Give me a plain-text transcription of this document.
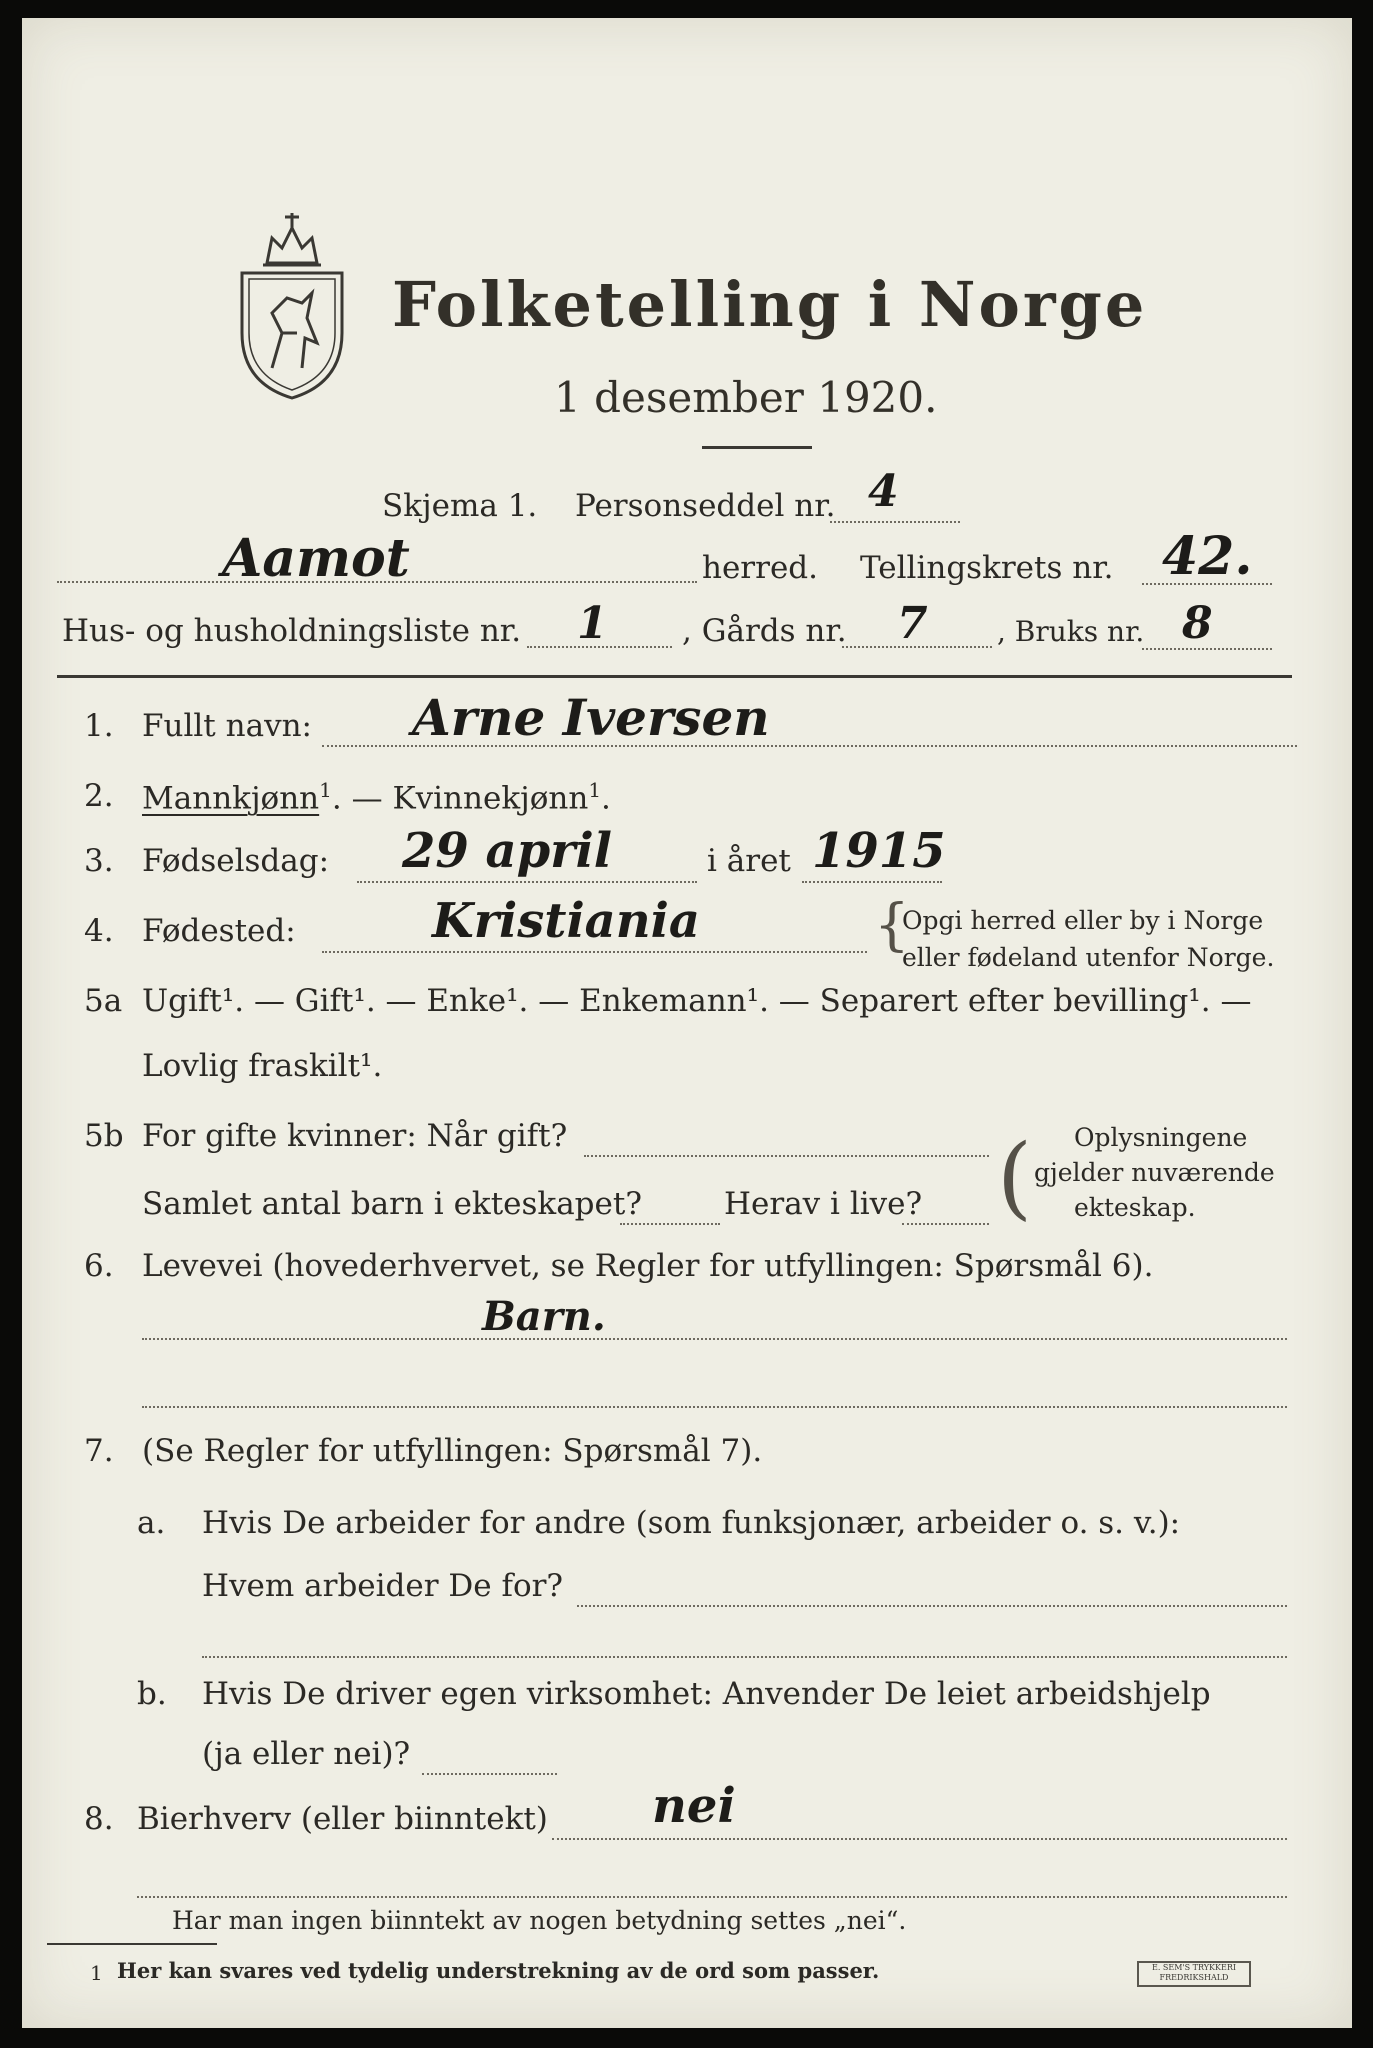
Folketelling i Norge
1 desember 1920.
Skjema 1. Personseddel nr. 4
Aamot	herred. Tellingskrets nr. 42.
Hus- og husholdningsliste nr. 1 , Gårds nr. 7 , Bruks nr. 8
1. Fullt navn: Arne Iversen
2. Mannkjønn$^1$. — Kvinnekjønn$^1$.
3. Fødselsdag: 29 april	i året 1915
4. Fødested:	Kristiania	{
Opgi herred eller by i Norge
eller fødeland utenfor Norge.
5a Ugift¹. — Gift¹. — Enke¹. — Enkemann¹. — Separert efter bevilling¹. —
Lovlig fraskilt¹.
5b For gifte kvinner: Når gift?
Samlet antal barn i ekteskapet?	Herav i live? ( Oplysningene
gjelder nuværende
ekteskap.
6. Levevei (hovederhvervet, se Regler for utfyllingen: Spørsmål 6).
Barn.
7. (Se Regler for utfyllingen: Spørsmål 7).
a. Hvis De arbeider for andre (som funksjonær, arbeider o. s. v.):
Hvem arbeider De for?
b. Hvis De driver egen virksomhet: Anvender De leiet arbeidshjelp
(ja eller nei)?
8. Bierhverv (eller biinntekt) nei
Har man ingen biinntekt av nogen betydning settes „nei“.
1 Her kan svares ved tydelig understrekning av de ord som passer.	E. SEM'S TRYKKERI FREDRIKSHALD
